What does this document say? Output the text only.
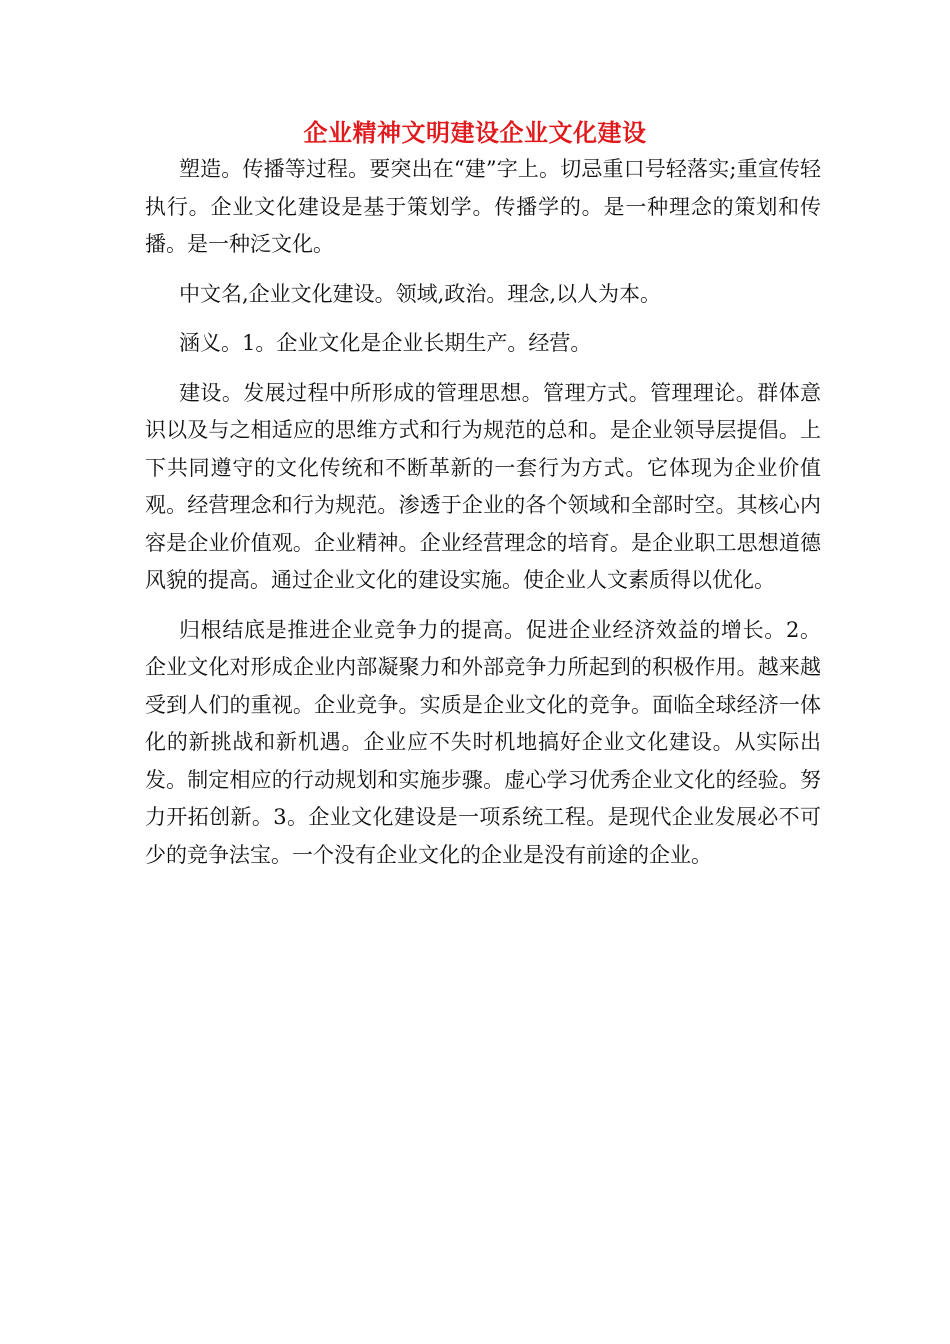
企业精神文明建设企业文化建设

塑造。传播等过程。要突出在“建”字上。切忌重口号轻落实;重宣传轻执行。企业文化建设是基于策划学。传播学的。是一种理念的策划和传播。是一种泛文化。

中文名,企业文化建设。领域,政治。理念,以人为本。

涵义。1。企业文化是企业长期生产。经营。

建设。发展过程中所形成的管理思想。管理方式。管理理论。群体意识以及与之相适应的思维方式和行为规范的总和。是企业领导层提倡。上下共同遵守的文化传统和不断革新的一套行为方式。它体现为企业价值观。经营理念和行为规范。渗透于企业的各个领域和全部时空。其核心内容是企业价值观。企业精神。企业经营理念的培育。是企业职工思想道德风貌的提高。通过企业文化的建设实施。使企业人文素质得以优化。

归根结底是推进企业竞争力的提高。促进企业经济效益的增长。2。企业文化对形成企业内部凝聚力和外部竞争力所起到的积极作用。越来越受到人们的重视。企业竞争。实质是企业文化的竞争。面临全球经济一体化的新挑战和新机遇。企业应不失时机地搞好企业文化建设。从实际出发。制定相应的行动规划和实施步骤。虚心学习优秀企业文化的经验。努力开拓创新。3。企业文化建设是一项系统工程。是现代企业发展必不可少的竞争法宝。一个没有企业文化的企业是没有前途的企业。
